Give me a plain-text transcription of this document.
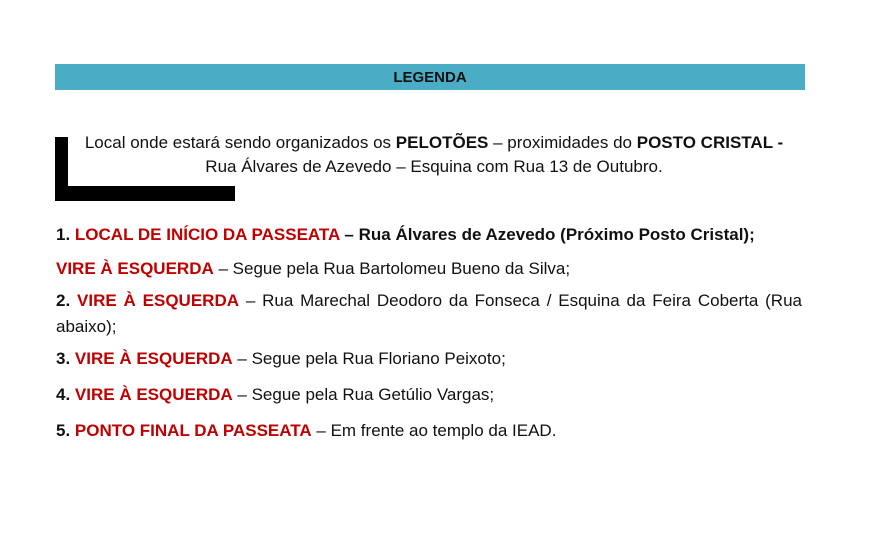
LEGENDA
Local onde estará sendo organizados os PELOTÕES – proximidades do POSTO CRISTAL - Rua Álvares de Azevedo – Esquina com Rua 13 de Outubro.

1. LOCAL DE INÍCIO DA PASSEATA – Rua Álvares de Azevedo (Próximo Posto Cristal);

VIRE À ESQUERDA – Segue pela Rua Bartolomeu Bueno da Silva;

2. VIRE À ESQUERDA – Rua Marechal Deodoro da Fonseca / Esquina da Feira Coberta (Rua abaixo);

3. VIRE À ESQUERDA – Segue pela Rua Floriano Peixoto;

4. VIRE À ESQUERDA – Segue pela Rua Getúlio Vargas;

5. PONTO FINAL DA PASSEATA – Em frente ao templo da IEAD.
